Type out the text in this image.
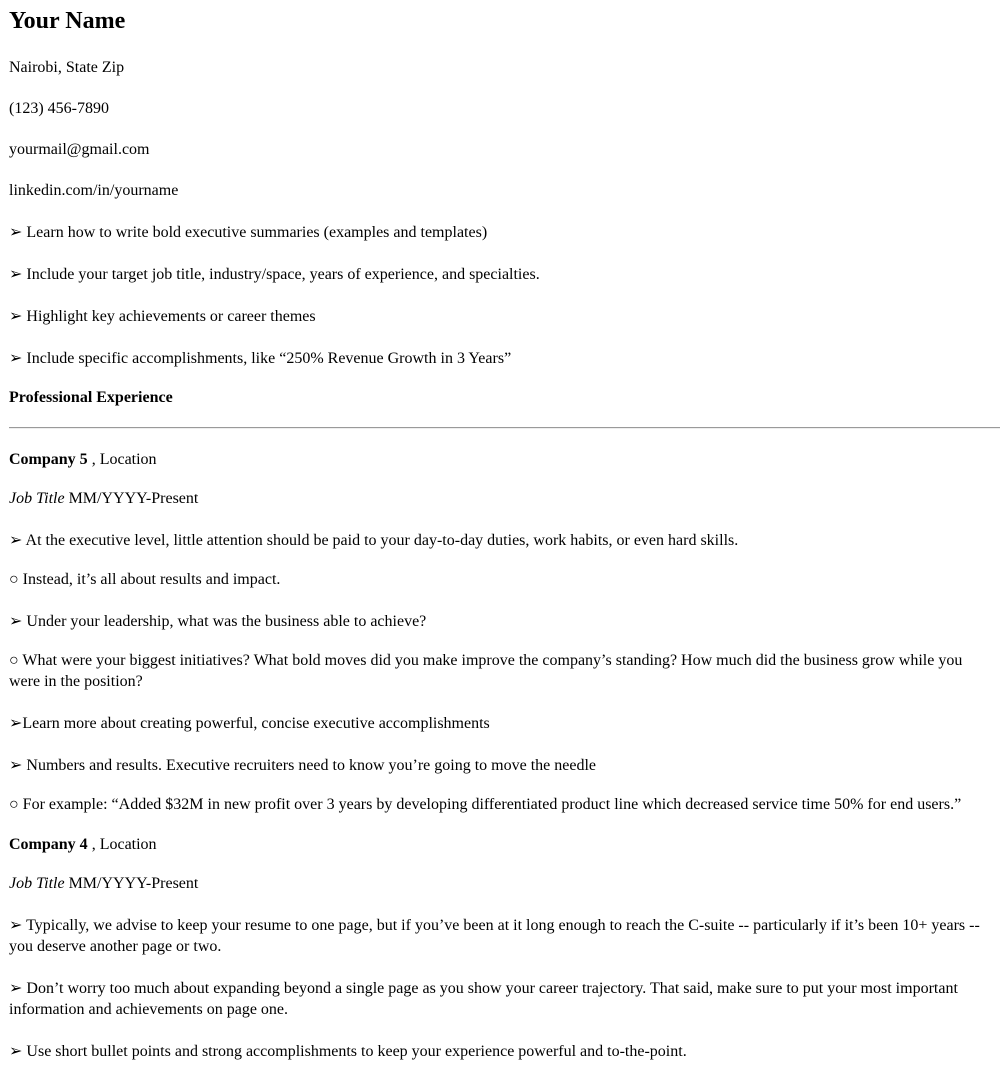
Your Name

Nairobi, State Zip

(123) 456-7890

yourmail@gmail.com

linkedin.com/in/yourname

➢ Learn how to write bold executive summaries (examples and templates)

➢ Include your target job title, industry/space, years of experience, and specialties.

➢ Highlight key achievements or career themes

➢ Include specific accomplishments, like “250% Revenue Growth in 3 Years”

Professional Experience

Company 5 , Location

Job Title MM/YYYY-Present

➢ At the executive level, little attention should be paid to your day-to-day duties, work habits, or even hard skills.

○ Instead, it’s all about results and impact.

➢ Under your leadership, what was the business able to achieve?

○ What were your biggest initiatives? What bold moves did you make improve the company’s standing? How much did the business grow while you were in the position?

➢Learn more about creating powerful, concise executive accomplishments

➢ Numbers and results. Executive recruiters need to know you’re going to move the needle

○ For example: “Added $32M in new profit over 3 years by developing differentiated product line which decreased service time 50% for end users.”

Company 4 , Location

Job Title MM/YYYY-Present

➢ Typically, we advise to keep your resume to one page, but if you’ve been at it long enough to reach the C-suite -- particularly if it’s been 10+ years -- you deserve another page or two.

➢ Don’t worry too much about expanding beyond a single page as you show your career trajectory. That said, make sure to put your most important information and achievements on page one.

➢ Use short bullet points and strong accomplishments to keep your experience powerful and to-the-point.
